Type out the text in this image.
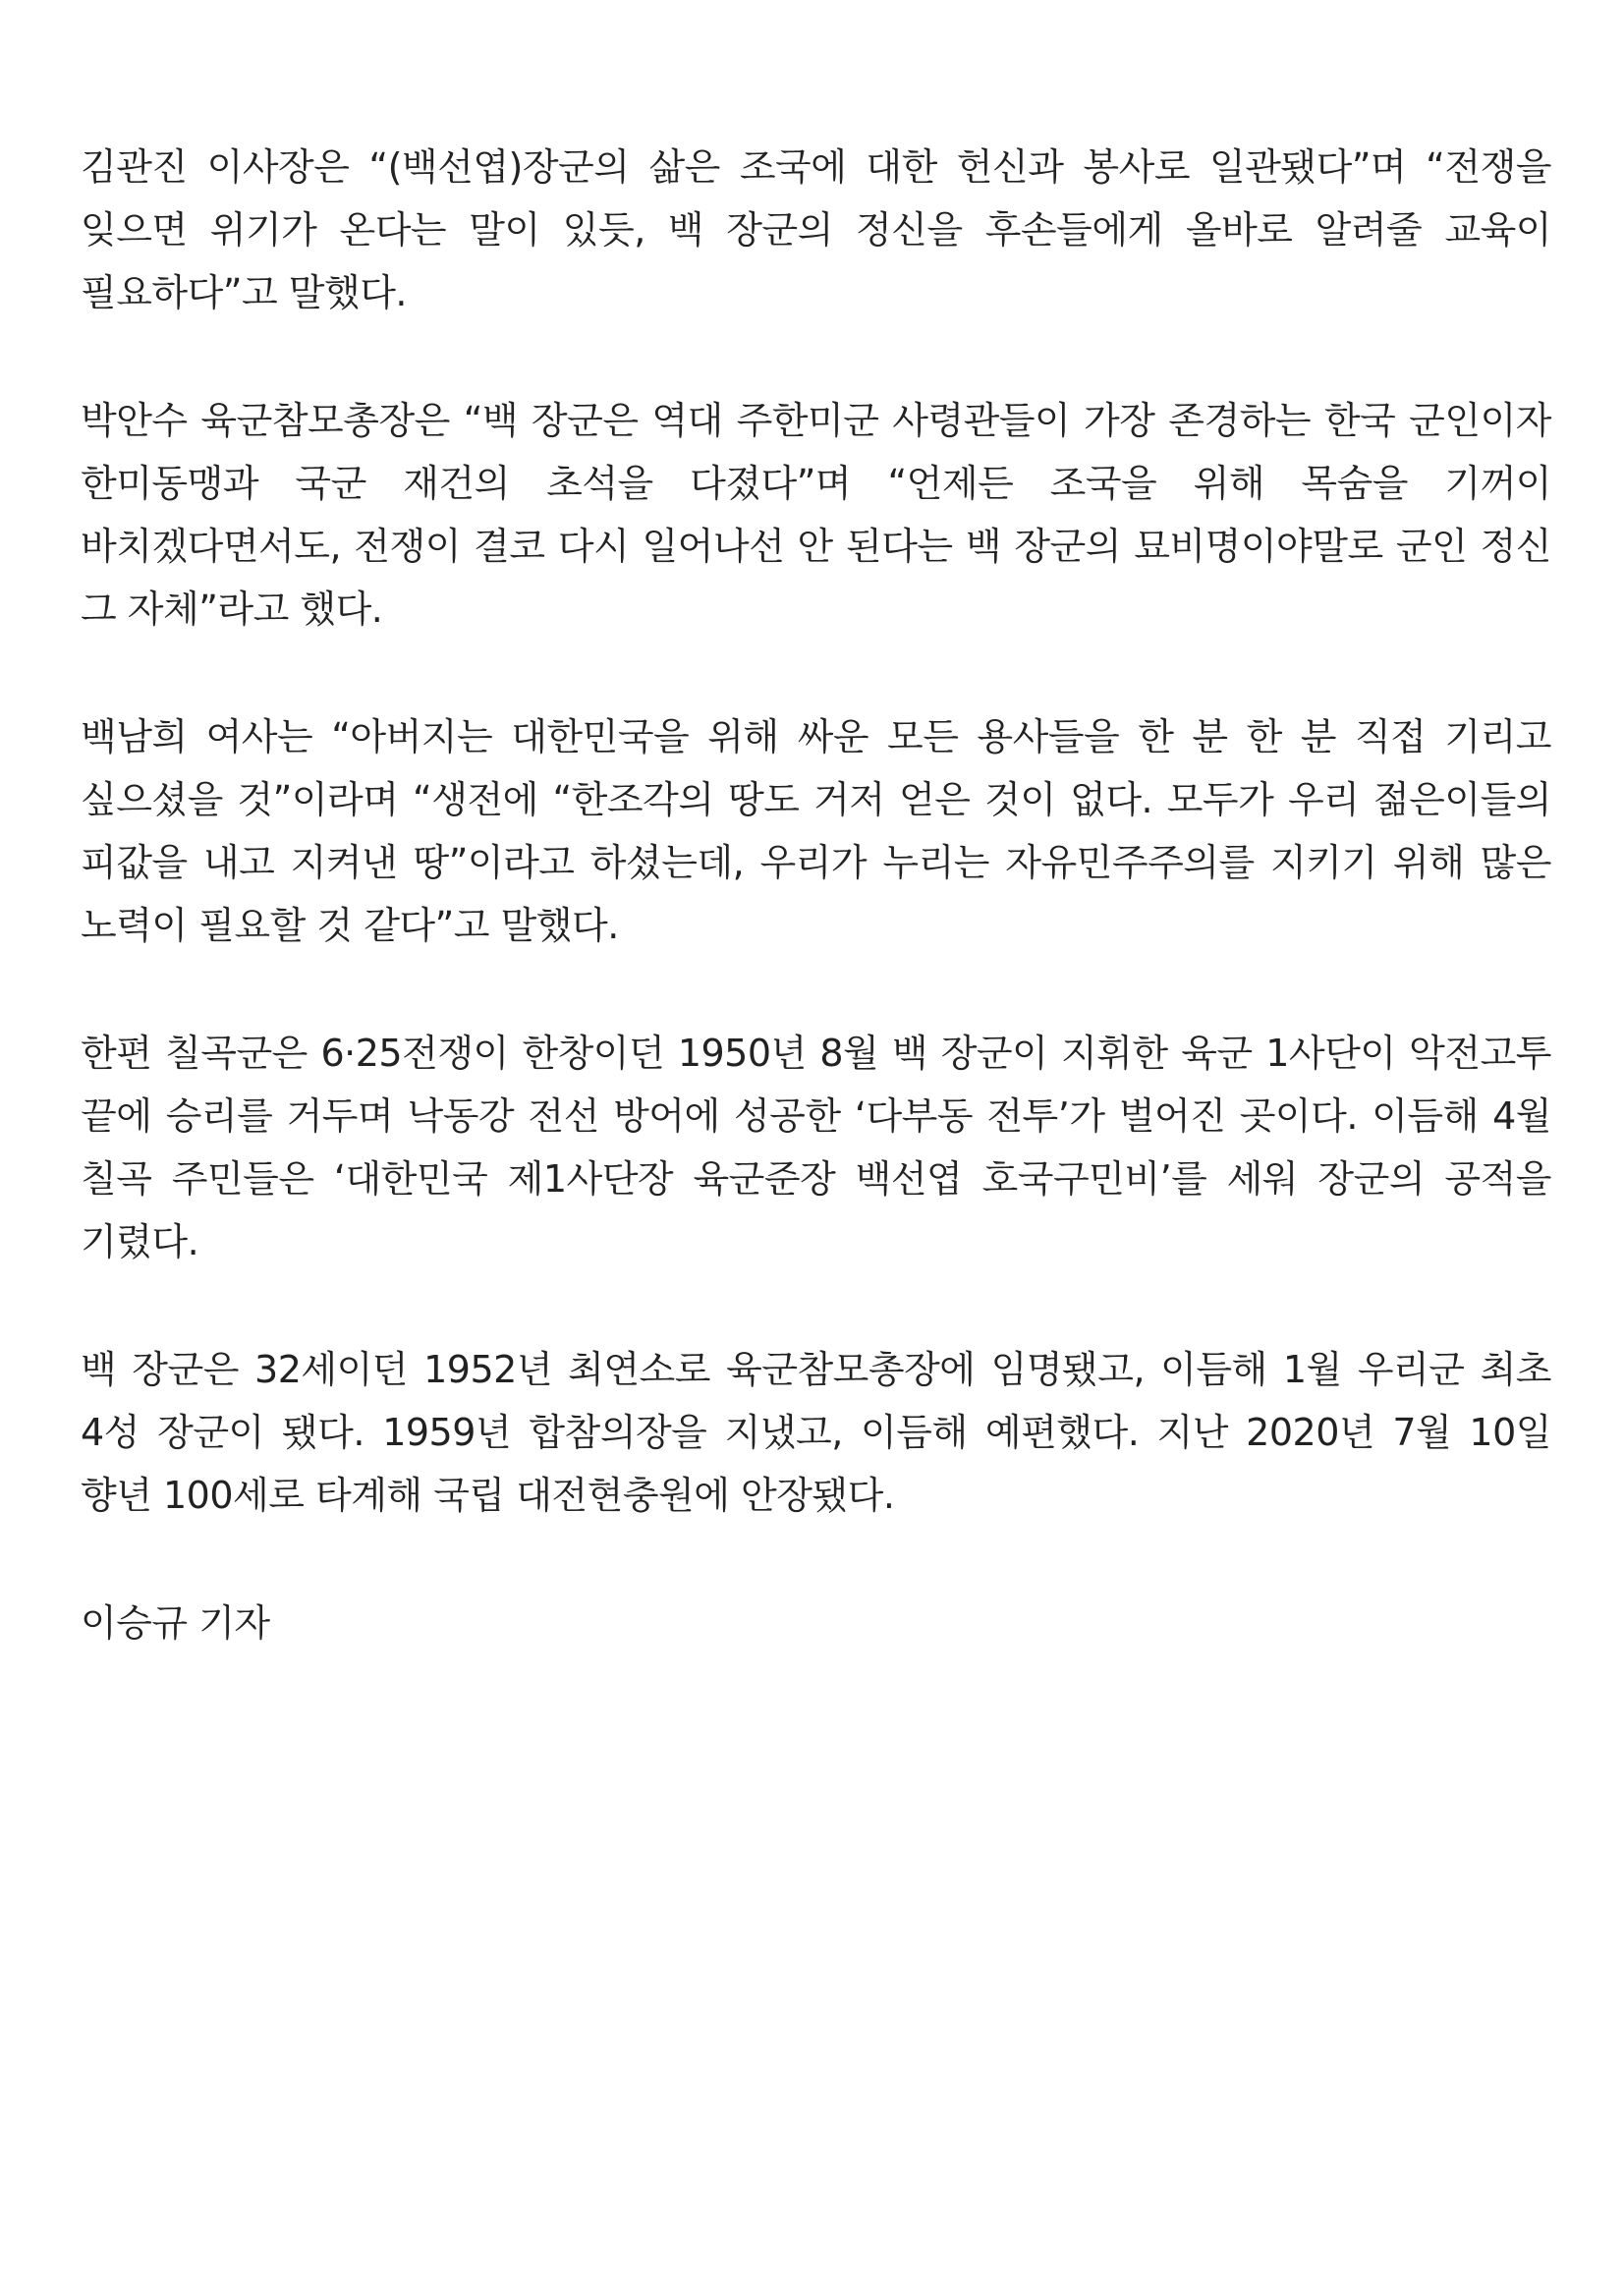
김관진 이사장은 “(백선엽)장군의 삶은 조국에 대한 헌신과 봉사로 일관됐다”며 “전쟁을 잊으면 위기가 온다는 말이 있듯, 백 장군의 정신을 후손들에게 올바로 알려줄 교육이 필요하다”고 말했다.

박안수 육군참모총장은 “백 장군은 역대 주한미군 사령관들이 가장 존경하는 한국 군인이자 한미동맹과 국군 재건의 초석을 다졌다”며 “언제든 조국을 위해 목숨을 기꺼이 바치겠다면서도, 전쟁이 결코 다시 일어나선 안 된다는 백 장군의 묘비명이야말로 군인 정신 그 자체”라고 했다.

백남희 여사는 “아버지는 대한민국을 위해 싸운 모든 용사들을 한 분 한 분 직접 기리고 싶으셨을 것”이라며 “생전에 “한조각의 땅도 거저 얻은 것이 없다. 모두가 우리 젊은이들의 피값을 내고 지켜낸 땅”이라고 하셨는데, 우리가 누리는 자유민주주의를 지키기 위해 많은 노력이 필요할 것 같다”고 말했다.

한편 칠곡군은 6·25전쟁이 한창이던 1950년 8월 백 장군이 지휘한 육군 1사단이 악전고투 끝에 승리를 거두며 낙동강 전선 방어에 성공한 ‘다부동 전투’가 벌어진 곳이다. 이듬해 4월 칠곡 주민들은 ‘대한민국 제1사단장 육군준장 백선엽 호국구민비’를 세워 장군의 공적을 기렸다.

백 장군은 32세이던 1952년 최연소로 육군참모총장에 임명됐고, 이듬해 1월 우리군 최초 4성 장군이 됐다. 1959년 합참의장을 지냈고, 이듬해 예편했다. 지난 2020년 7월 10일 향년 100세로 타계해 국립 대전현충원에 안장됐다.

이승규 기자
